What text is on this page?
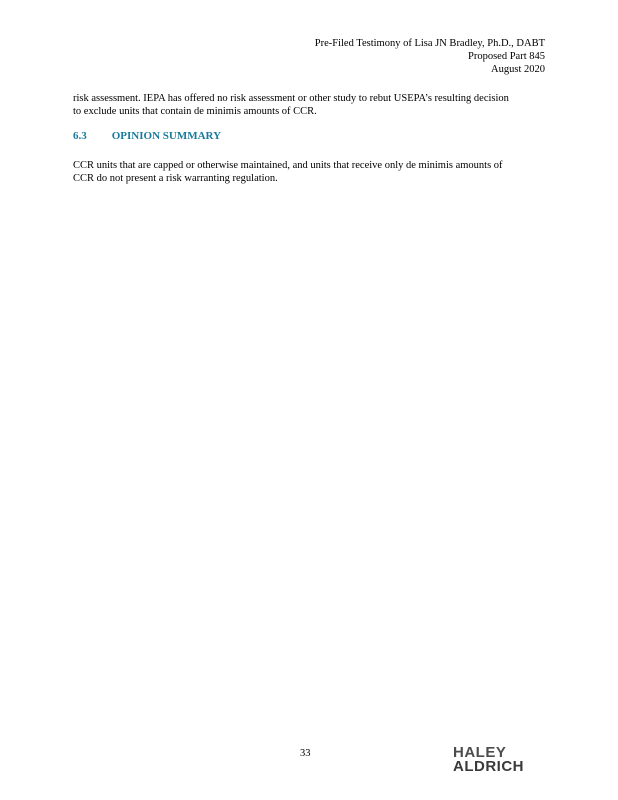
Pre-Filed Testimony of Lisa JN Bradley, Ph.D., DABT
Proposed Part 845
August 2020
risk assessment. IEPA has offered no risk assessment or other study to rebut USEPA’s resulting decision
to exclude units that contain de minimis amounts of CCR.
6.3 OPINION SUMMARY
CCR units that are capped or otherwise maintained, and units that receive only de minimis amounts of
CCR do not present a risk warranting regulation.
33	HALEY
ALDRICH
